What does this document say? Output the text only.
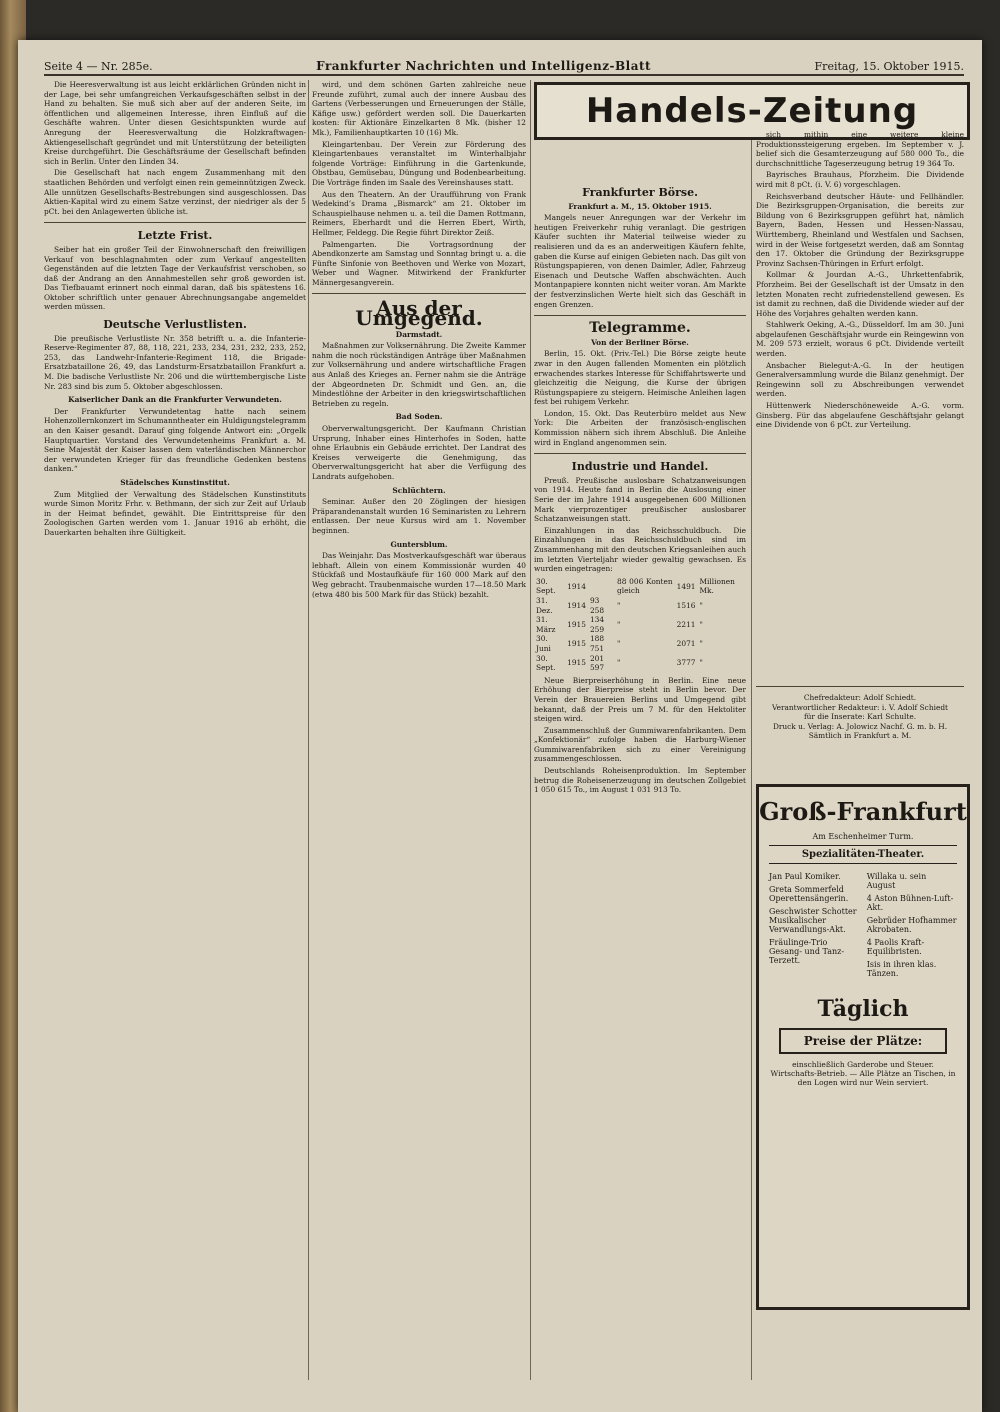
Seite 4 — Nr. 285e.	Frankfurter Nachrichten und Intelligenz-Blatt	Freitag, 15. Oktober 1915.

Die Heeresverwaltung ist aus leicht erklärlichen Gründen nicht in der Lage, bei sehr umfangreichen Verkaufsgeschäften selbst in der Hand zu behalten. Sie muß sich aber auf der anderen Seite, im öffentlichen und allgemeinen Interesse, ihren Einfluß auf die Geschäfte wahren. Unter diesen Gesichtspunkten wurde auf Anregung der Heeresverwaltung die Holzkraftwagen-Aktiengesellschaft gegründet und mit Unterstützung der beteiligten Kreise durchgeführt. Die Geschäftsräume der Gesellschaft befinden sich in Berlin. Unter den Linden 34.

Die Gesellschaft hat nach engem Zusammenhang mit den staatlichen Behörden und verfolgt einen rein gemeinnützigen Zweck. Alle unnützen Gesellschafts-Bestrebungen sind ausgeschlossen. Das Aktien-Kapital wird zu einem Satze verzinst, der niedriger als der 5 pCt. bei den Anlagewerten übliche ist.

Letzte Frist.

Seiber hat ein großer Teil der Einwohnerschaft den freiwilligen Verkauf von beschlagnahmten oder zum Verkauf angestellten Gegenständen auf die letzten Tage der Verkaufsfrist verschoben, so daß der Andrang an den Annahmestellen sehr groß geworden ist. Das Tiefbauamt erinnert noch einmal daran, daß bis spätestens 16. Oktober schriftlich unter genauer Abrechnungsangabe angemeldet werden müssen.

Deutsche Verlustlisten.

Die preußische Verlustliste Nr. 358 betrifft u. a. die Infanterie-Reserve-Regimenter 87, 88, 118, 221, 233, 234, 231, 232, 233, 252, 253, das Landwehr-Infanterie-Regiment 118, die Brigade-Ersatzbataillone 26, 49, das Landsturm-Ersatzbataillon Frankfurt a. M. Die badische Verlustliste Nr. 206 und die württembergische Liste Nr. 283 sind bis zum 5. Oktober abgeschlossen.

Kaiserlicher Dank an die Frankfurter Verwundeten.

Der Frankfurter Verwundetentag hatte nach seinem Hohenzollernkonzert im Schumanntheater ein Huldigungstelegramm an den Kaiser gesandt. Darauf ging folgende Antwort ein: „Orgelk Hauptquartier. Vorstand des Verwundetenheims Frankfurt a. M. Seine Majestät der Kaiser lassen dem vaterländischen Männerchor der verwundeten Krieger für das freundliche Gedenken bestens danken.“

Städelsches Kunstinstitut.

Zum Mitglied der Verwaltung des Städelschen Kunstinstituts wurde Simon Moritz Frhr. v. Bethmann, der sich zur Zeit auf Urlaub in der Heimat befindet, gewählt. Die Eintrittspreise für den Zoologischen Garten werden vom 1. Januar 1916 ab erhöht, die Dauerkarten behalten ihre Gültigkeit.

wird, und dem schönen Garten zahlreiche neue Freunde zuführt, zumal auch der innere Ausbau des Gartens (Verbesserungen und Erneuerungen der Ställe, Käfige usw.) gefördert werden soll. Die Dauerkarten kosten: für Aktionäre Einzelkarten 8 Mk. (bisher 12 Mk.), Familienhauptkarten 10 (16) Mk.

Kleingartenbau. Der Verein zur Förderung des Kleingartenbaues veranstaltet im Winterhalbjahr folgende Vorträge: Einführung in die Gartenkunde, Obstbau, Gemüsebau, Düngung und Bodenbearbeitung. Die Vorträge finden im Saale des Vereinshauses statt.

Aus den Theatern. An der Uraufführung von Frank Wedekind’s Drama „Bismarck“ am 21. Oktober im Schauspielhause nehmen u. a. teil die Damen Rottmann, Reimers, Eberhardt und die Herren Ebert, Wirth, Hellmer, Feldegg. Die Regie führt Direktor Zeiß.

Palmengarten. Die Vortragsordnung der Abendkonzerte am Samstag und Sonntag bringt u. a. die Fünfte Sinfonie von Beethoven und Werke von Mozart, Weber und Wagner. Mitwirkend der Frankfurter Männergesangverein.

Aus der Umgegend.
Darmstadt.

Maßnahmen zur Volksernährung. Die Zweite Kammer nahm die noch rückständigen Anträge über Maßnahmen zur Volksernährung und andere wirtschaftliche Fragen aus Anlaß des Krieges an. Ferner nahm sie die Anträge der Abgeordneten Dr. Schmidt und Gen. an, die Mindestlöhne der Arbeiter in den kriegswirtschaftlichen Betrieben zu regeln.

Bad Soden.

Oberverwaltungsgericht. Der Kaufmann Christian Ursprung, Inhaber eines Hinterhofes in Soden, hatte ohne Erlaubnis ein Gebäude errichtet. Der Landrat des Kreises verweigerte die Genehmigung, das Oberverwaltungsgericht hat aber die Verfügung des Landrats aufgehoben.

Schlüchtern.

Seminar. Außer den 20 Zöglingen der hiesigen Präparandenanstalt wurden 16 Seminaristen zu Lehrern entlassen. Der neue Kursus wird am 1. November beginnen.

Guntersblum.

Das Weinjahr. Das Mostverkaufsgeschäft war überaus lebhaft. Allein von einem Kommissionär wurden 40 Stückfaß und Mostaufkäufe für 160 000 Mark auf den Weg gebracht. Traubenmaische wurden 17—18.50 Mark (etwa 480 bis 500 Mark für das Stück) bezahlt.

Handels-Zeitung
Frankfurter Börse.
Frankfurt a. M., 15. Oktober 1915.

Mangels neuer Anregungen war der Verkehr im heutigen Freiverkehr ruhig veranlagt. Die gestrigen Käufer suchten ihr Material teilweise wieder zu realisieren und da es an anderweitigen Käufern fehlte, gaben die Kurse auf einigen Gebieten nach. Das gilt von Rüstungspapieren, von denen Daimler, Adler, Fahrzeug Eisenach und Deutsche Waffen abschwächten. Auch Montanpapiere konnten nicht weiter voran. Am Markte der festverzinslichen Werte hielt sich das Geschäft in engen Grenzen.

Telegramme.
Von der Berliner Börse.

Berlin, 15. Okt. (Priv.-Tel.) Die Börse zeigte heute zwar in den Augen fallenden Momenten ein plötzlich erwachendes starkes Interesse für Schiffahrtswerte und gleichzeitig die Neigung, die Kurse der übrigen Rüstungspapiere zu steigern. Heimische Anleihen lagen fest bei ruhigem Verkehr.

London, 15. Okt. Das Reuterbüro meldet aus New York: Die Arbeiten der französisch-englischen Kommission nähern sich ihrem Abschluß. Die Anleihe wird in England angenommen sein.

Industrie und Handel.

Preuß. Preußische auslosbare Schatzanweisungen von 1914. Heute fand in Berlin die Auslosung einer Serie der im Jahre 1914 ausgegebenen 600 Millionen Mark vierprozentiger preußischer auslosbarer Schatzanweisungen statt.

Einzahlungen in das Reichsschuldbuch. Die Einzahlungen in das Reichsschuldbuch sind im Zusammenhang mit den deutschen Kriegsanleihen auch im letzten Vierteljahr wieder gewaltig gewachsen. Es wurden eingetragen:

30. Sept.	1914		88 006 Konten gleich	1491	Millionen Mk.
31. Dez.	1914	93 258	"	1516	"
31. März	1915	134 259	"	2211	"
30. Juni	1915	188 751	"	2071	"
30. Sept.	1915	201 597	"	3777	"

Neue Bierpreiserhöhung in Berlin. Eine neue Erhöhung der Bierpreise steht in Berlin bevor. Der Verein der Brauereien Berlins und Umgegend gibt bekannt, daß der Preis um 7 M. für den Hektoliter steigen wird.

Zusammenschluß der Gummiwarenfabrikanten. Dem „Konfektionär“ zufolge haben die Harburg-Wiener Gummiwarenfabriken sich zu einer Vereinigung zusammengeschlossen.

Deutschlands Roheisenproduktion. Im September betrug die Roheisenerzeugung im deutschen Zollgebiet 1 050 615 To., im August 1 031 913 To.

sich mithin eine weitere kleine Produktionssteigerung ergeben. Im September v. J. belief sich die Gesamterzeugung auf 580 000 To., die durchschnittliche Tageserzeugung betrug 19 364 To.

Bayrisches Brauhaus, Pforzheim. Die Dividende wird mit 8 pCt. (i. V. 6) vorgeschlagen.

Reichsverband deutscher Häute- und Fellhändler. Die Bezirksgruppen-Organisation, die bereits zur Bildung von 6 Bezirksgruppen geführt hat, nämlich Bayern, Baden, Hessen und Hessen-Nassau, Württemberg, Rheinland und Westfalen und Sachsen, wird in der Weise fortgesetzt werden, daß am Sonntag den 17. Oktober die Gründung der Bezirksgruppe Provinz Sachsen-Thüringen in Erfurt erfolgt.

Kollmar & Jourdan A.-G., Uhrkettenfabrik, Pforzheim. Bei der Gesellschaft ist der Umsatz in den letzten Monaten recht zufriedenstellend gewesen. Es ist damit zu rechnen, daß die Dividende wieder auf der Höhe des Vorjahres gehalten werden kann.

Stahlwerk Oeking, A.-G., Düsseldorf. Im am 30. Juni abgelaufenen Geschäftsjahr wurde ein Reingewinn von M. 209 573 erzielt, woraus 6 pCt. Dividende verteilt werden.

Ansbacher Bielegut-A.-G. In der heutigen Generalversammlung wurde die Bilanz genehmigt. Der Reingewinn soll zu Abschreibungen verwendet werden.

Hüttenwerk Niederschöneweide A.-G. vorm. Ginsberg. Für das abgelaufene Geschäftsjahr gelangt eine Dividende von 6 pCt. zur Verteilung.

Chefredakteur: Adolf Schiedt.
Verantwortlicher Redakteur: i. V. Adolf Schiedt
für die Inserate: Karl Schulte.
Druck u. Verlag: A. Jolowicz Nachf. G. m. b. H.
Sämtlich in Frankfurt a. M.
Groß-Frankfurt
Am Eschenheimer Turm.
Spezialitäten-Theater.
Jan Paul Komiker.
Greta Sommerfeld Operettensängerin.
Geschwister Schotter Musikalischer Verwandlungs-Akt.
Fräulinge-Trio Gesang- und Tanz-Terzett.
Willaka u. sein August
4 Aston Bühnen-Luft-Akt.
Gebrüder Hofhammer Akrobaten.
4 Paolis Kraft-Equilibristen.
Isis in ihren klas. Tänzen.
Täglich
Preise der Plätze:
einschließlich Garderobe und Steuer. Wirtschafts-Betrieb. — Alle Plätze an Tischen, in den Logen wird nur Wein serviert.
